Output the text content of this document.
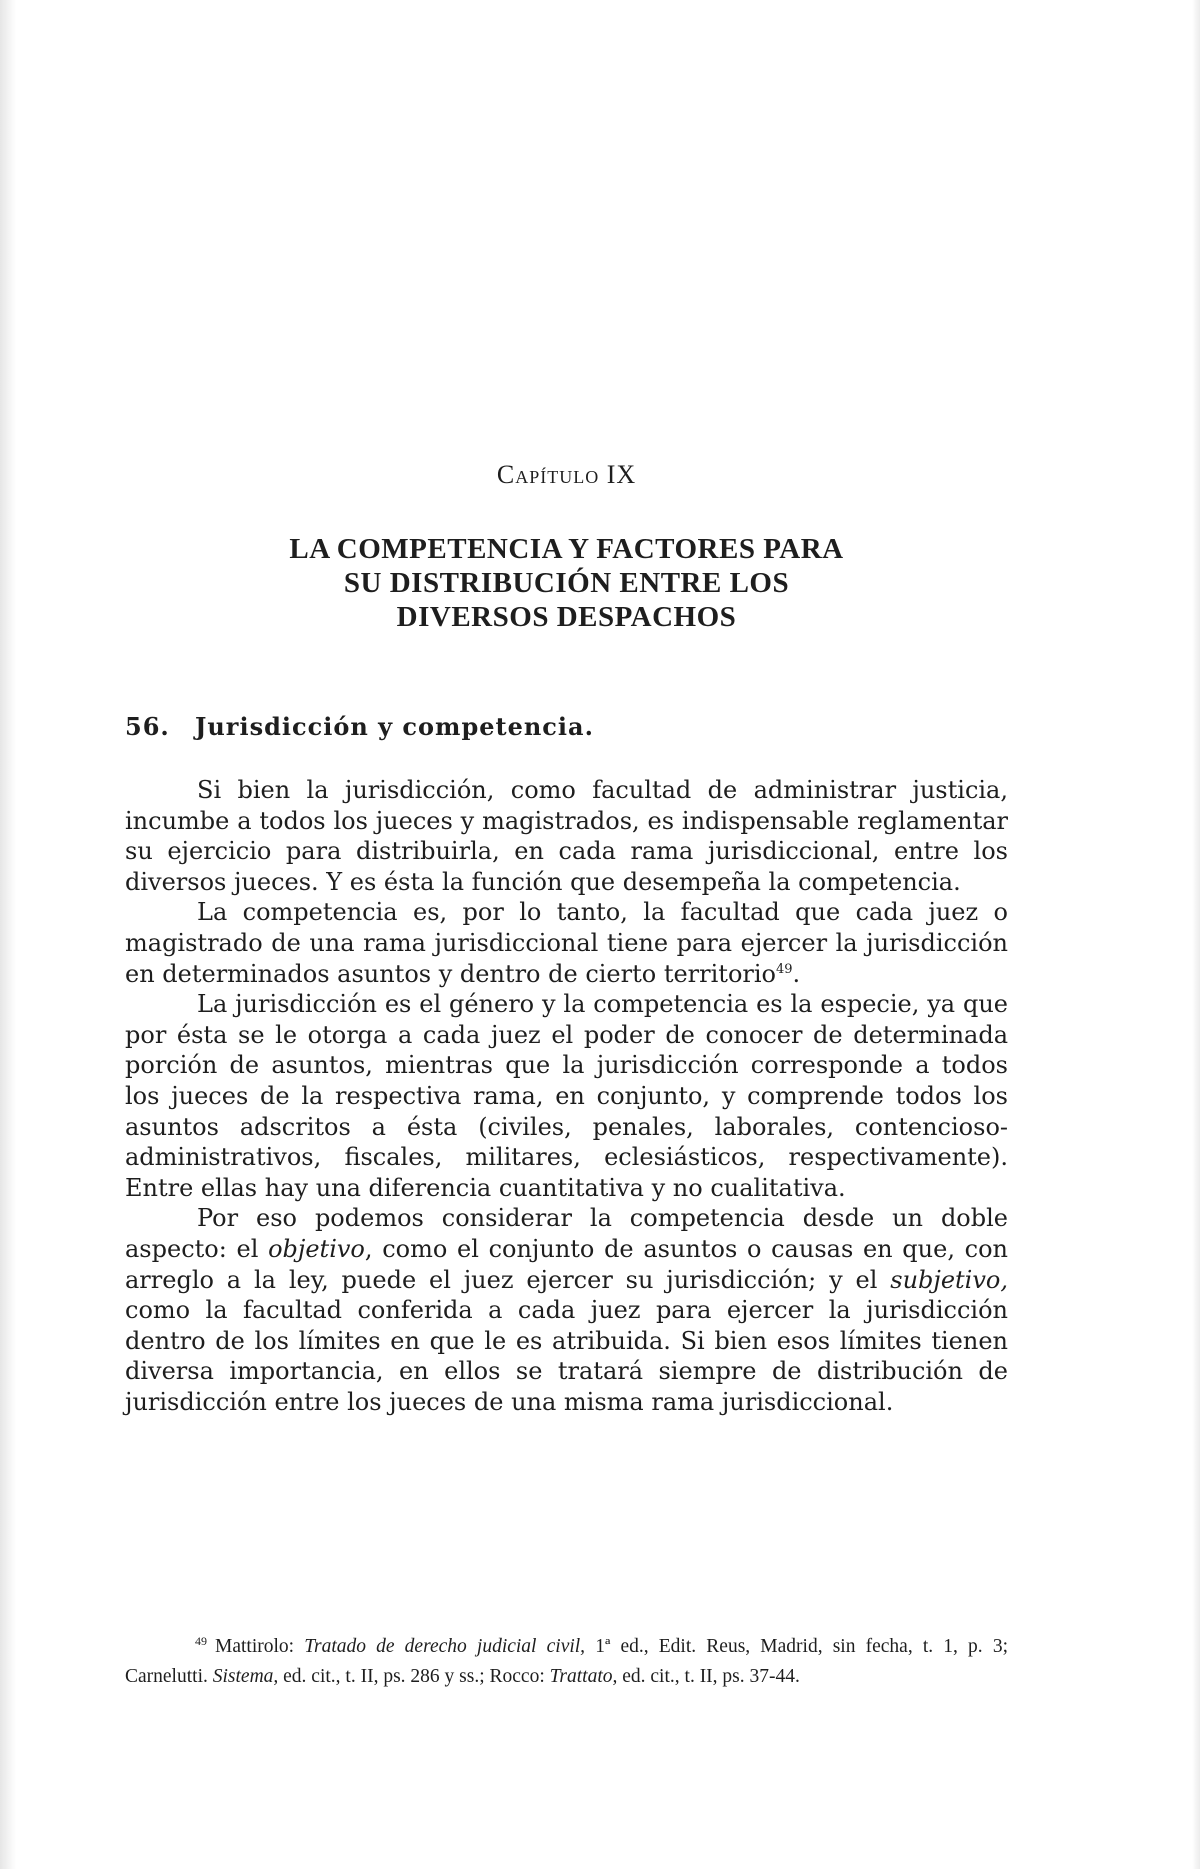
Capítulo IX
LA COMPETENCIA Y FACTORES PARA
SU DISTRIBUCIÓN ENTRE LOS
DIVERSOS DESPACHOS
56. Jurisdicción y competencia.

Si bien la jurisdicción, como facultad de administrar justicia, incumbe a todos los jueces y magistrados, es indispensable reglamentar su ejercicio para distribuirla, en cada rama jurisdiccional, entre los diversos jueces. Y es ésta la función que desempeña la competencia.

La competencia es, por lo tanto, la facultad que cada juez o magistrado de una rama jurisdiccional tiene para ejercer la jurisdicción en determinados asuntos y dentro de cierto territorio$^{49}$.

La jurisdicción es el género y la competencia es la especie, ya que por ésta se le otorga a cada juez el poder de conocer de determinada porción de asuntos, mientras que la jurisdicción corresponde a todos los jueces de la respectiva rama, en conjunto, y comprende todos los asuntos adscritos a ésta (civiles, penales, laborales, contencioso-administrativos, fiscales, militares, eclesiásticos, respectivamente). Entre ellas hay una diferencia cuantitativa y no cualitativa.

Por eso podemos considerar la competencia desde un doble aspecto: el objetivo, como el conjunto de asuntos o causas en que, con arreglo a la ley, puede el juez ejercer su jurisdicción; y el subjetivo, como la facultad conferida a cada juez para ejercer la jurisdicción dentro de los límites en que le es atribuida. Si bien esos límites tienen diversa importancia, en ellos se tratará siempre de distribución de jurisdicción entre los jueces de una misma rama jurisdiccional.

$^{49}$ Mattirolo: Tratado de derecho judicial civil, 1ª ed., Edit. Reus, Madrid, sin fecha, t. 1, p. 3; Carnelutti. Sistema, ed. cit., t. II, ps. 286 y ss.; Rocco: Trattato, ed. cit., t. II, ps. 37-44.
